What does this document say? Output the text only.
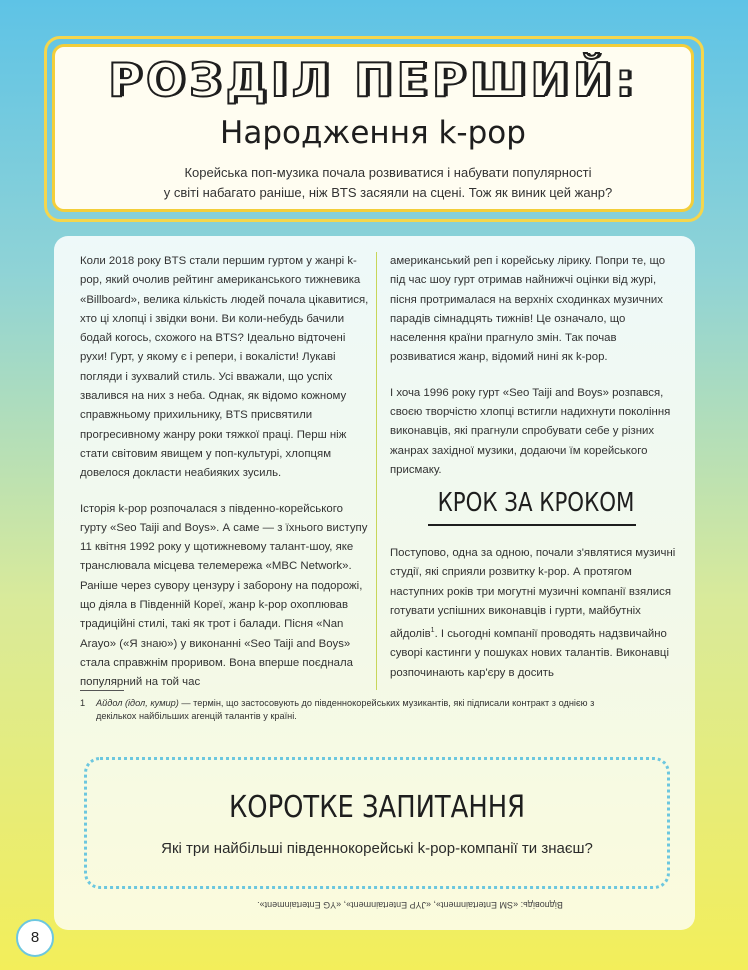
РОЗДІЛ ПЕРШИЙ:
Народження k-pop
Корейська поп-музика почала розвиватися і набувати популярності
у світі набагато раніше, ніж BTS засяяли на сцені. Тож як виник цей жанр?

Коли 2018 року BTS стали першим гуртом у жанрі k-pop, який очолив рейтинг американського тижневика «Billboard», велика кількість людей почала цікавитися, хто ці хлопці і звідки вони. Ви коли-небудь бачили бодай когось, схожого на BTS? Ідеально відточені рухи! Гурт, у якому є і репери, і вокалісти! Лукаві погляди і зухвалий стиль. Усі вважали, що успіх звалився на них з неба. Однак, як відомо кожному справжньому прихильнику, BTS присвятили прогресивному жанру роки тяжкої праці. Перш ніж стати світовим явищем у поп-культурі, хлопцям довелося докласти неабияких зусиль.

Історія k-pop розпочалася з південно-корейського гурту «Seo Taiji and Boys». А саме — з їхнього виступу 11 квітня 1992 року у щотижневому талант-шоу, яке транслювала місцева телемережа «MBC Network». Раніше через сувору цензуру і заборону на подорожі, що діяла в Південній Кореї, жанр k-pop охоплював традиційні стилі, такі як трот і балади. Пісня «Nan Arayo» («Я знаю») у виконанні «Seo Taiji and Boys» стала справжнім проривом. Вона вперше поєднала популярний на той час

американський реп і корейську лірику. Попри те, що під час шоу гурт отримав найнижчі оцінки від журі, пісня протрималася на верхніх сходинках музичних парадів сімнадцять тижнів! Це означало, що населення країни прагнуло змін. Так почав розвиватися жанр, відомий нині як k-pop.

І хоча 1996 року гурт «Seo Taiji and Boys» розпався, своєю творчістю хлопці встигли надихнути покоління виконавців, які прагнули спробувати себе у різних жанрах західної музики, додаючи їм корейського присмаку.

КРОК ЗА КРОКОМ

Поступово, одна за одною, почали з'являтися музичні студії, які сприяли розвитку k-pop. А протягом наступних років три могутні музичні компанії взялися готувати успішних виконавців і гурти, майбутніх айдолів$^1$. І сьогодні компанії проводять надзвичайно суворі кастинги у пошуках нових талантів. Виконавці розпочинають кар'єру в досить

1 Айдол (ідол, кумир) — термін, що застосовують до південнокорейських музикантів, які підписали контракт з однією з декількох найбільших агенцій талантів у країні.
КОРОТКЕ ЗАПИТАННЯ
Які три найбільші південнокорейські k-pop-компанії ти знаєш?
Відповідь: «SM Entertainment», «JYP Entertainment», «YG Entertainment».
8
